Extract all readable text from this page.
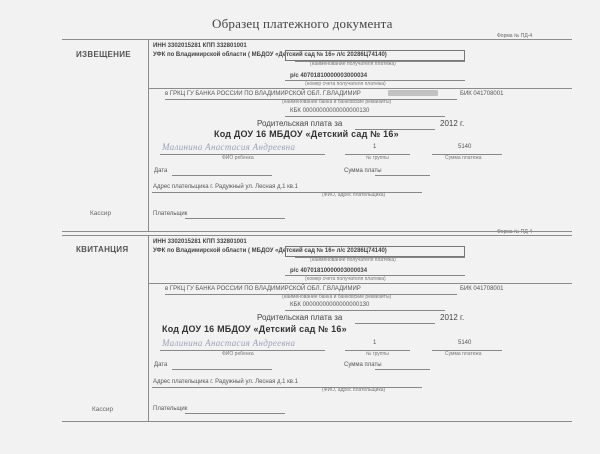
Образец платежного документа
Форма № ПД-4
Форма № ПД-4
ИЗВЕЩЕНИЕ
Кассир
ИНН 3302015281 КПП 332801001
УФК по Владимирской области ( МБДОУ «Детский сад № 16» л/с 20286Ц74140)
(наименование получателя платежа)
р/с 40701810000003000034
(номер счета получателя платежа)
в ГРКЦ ГУ БАНКА РОССИИ ПО ВЛАДИМИРСКОЙ ОБЛ. Г.ВЛАДИМИР	БИК 041708001
(наименование банка и банковские реквизиты)
КБК 00000000000000000130
Родительская плата за	2012 г.
Код ДОУ 16 МБДОУ «Детский сад № 16»
Малинина Анастасия Андреевна
ФИО ребенка
1
№ группы
5140
Сумма платежа
Дата	Сумма платы
Адрес плательщика г. Радужный ул. Лесная д.1 кв.1
(ФИО, адрес плательщика)
Плательщик
КВИТАНЦИЯ
Кассир
ИНН 3302015281 КПП 332801001
УФК по Владимирской области ( МБДОУ «Детский сад № 16» л/с 20286Ц74140)
(наименование получателя платежа)
р/с 40701810000003000034
(номер счета получателя платежа)
в ГРКЦ ГУ БАНКА РОССИИ ПО ВЛАДИМИРСКОЙ ОБЛ. Г.ВЛАДИМИР	БИК 041708001
(наименование банка и банковские реквизиты)
КБК 00000000000000000130
Родительская плата за	2012 г.
Код ДОУ 16 МБДОУ «Детский сад № 16»
Малинина Анастасия Андреевна
ФИО ребенка
1
№ группы
5140
Сумма платежа
Дата	Сумма платы
Адрес плательщика г. Радужный ул. Лесная д.1 кв.1
(ФИО, адрес плательщика)
Плательщик
